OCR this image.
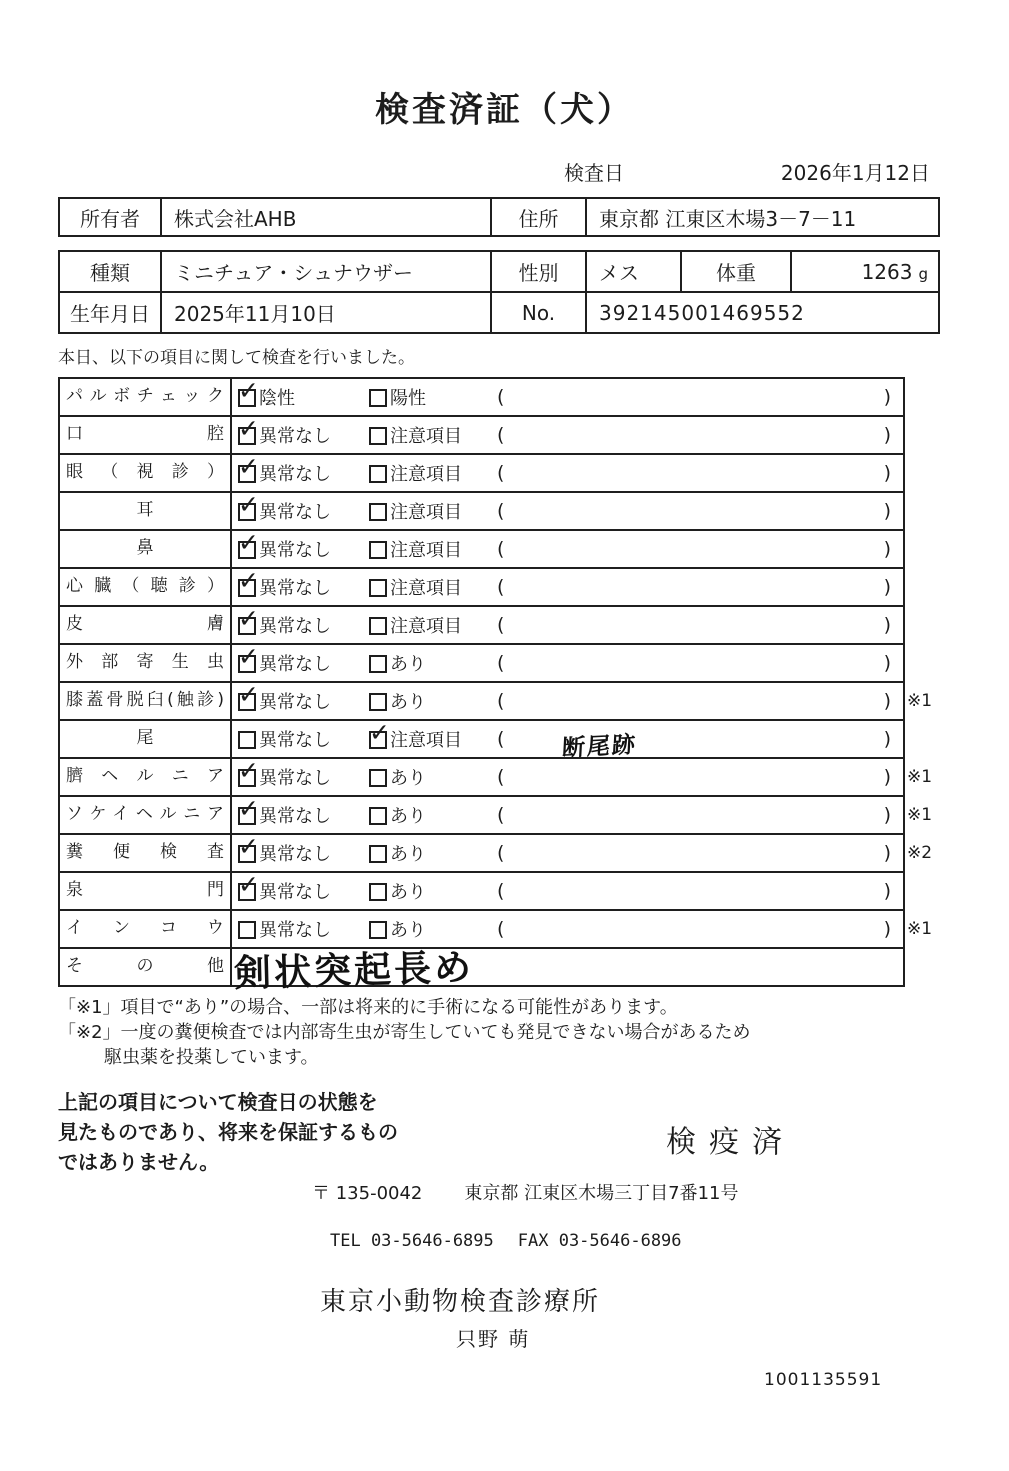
検査済証（犬）
検査日	2026年1月12日
所有者	株式会社AHB	住所	東京都 江東区木場3－7－11
種類	ミニチュア・シュナウザー	性別	メス	体重	1263 g
生年月日	2025年11月10日	No.	392145001469552		
本日、以下の項目に関して検査を行いました。
パルボチェック ✓	陰性	陽性	(	)
口腔 ✓	異常なし	注意項目 (	)
眼（視診） ✓	異常なし	注意項目 (	)
耳 ✓	異常なし	注意項目 (	)
鼻 ✓	異常なし	注意項目 (	)
心臓（聴診） ✓	異常なし	注意項目 (	)
皮膚 ✓	異常なし	注意項目 (	)
外部寄生虫 ✓	異常なし	あり	(	)
膝蓋骨脱臼(触診) ✓	異常なし	あり	(	) ※1
尾	異常なし ✓	注意項目 (	断尾跡	)
臍ヘルニア ✓	異常なし	あり	(	) ※1
ソケイヘルニア ✓	異常なし	あり	(	) ※1
糞便検査 ✓	異常なし	あり	(	) ※2
泉門 ✓	異常なし	あり	(	)
インコウ	異常なし	あり	(	) ※1
その他 剣状突起長め
「※1」項目で“あり”の場合、一部は将来的に手術になる可能性があります。
「※2」一度の糞便検査では内部寄生虫が寄生していても発見できない場合があるため
駆虫薬を投薬しています。
上記の項目について検査日の状態を
見たものであり、将来を保証するもの
ではありません。
検疫済
〒 135-0042 東京都 江東区木場三丁目7番11号
TEL 03-5646-6895 FAX 03-5646-6896
東京小動物検査診療所
只野 萌
1001135591
